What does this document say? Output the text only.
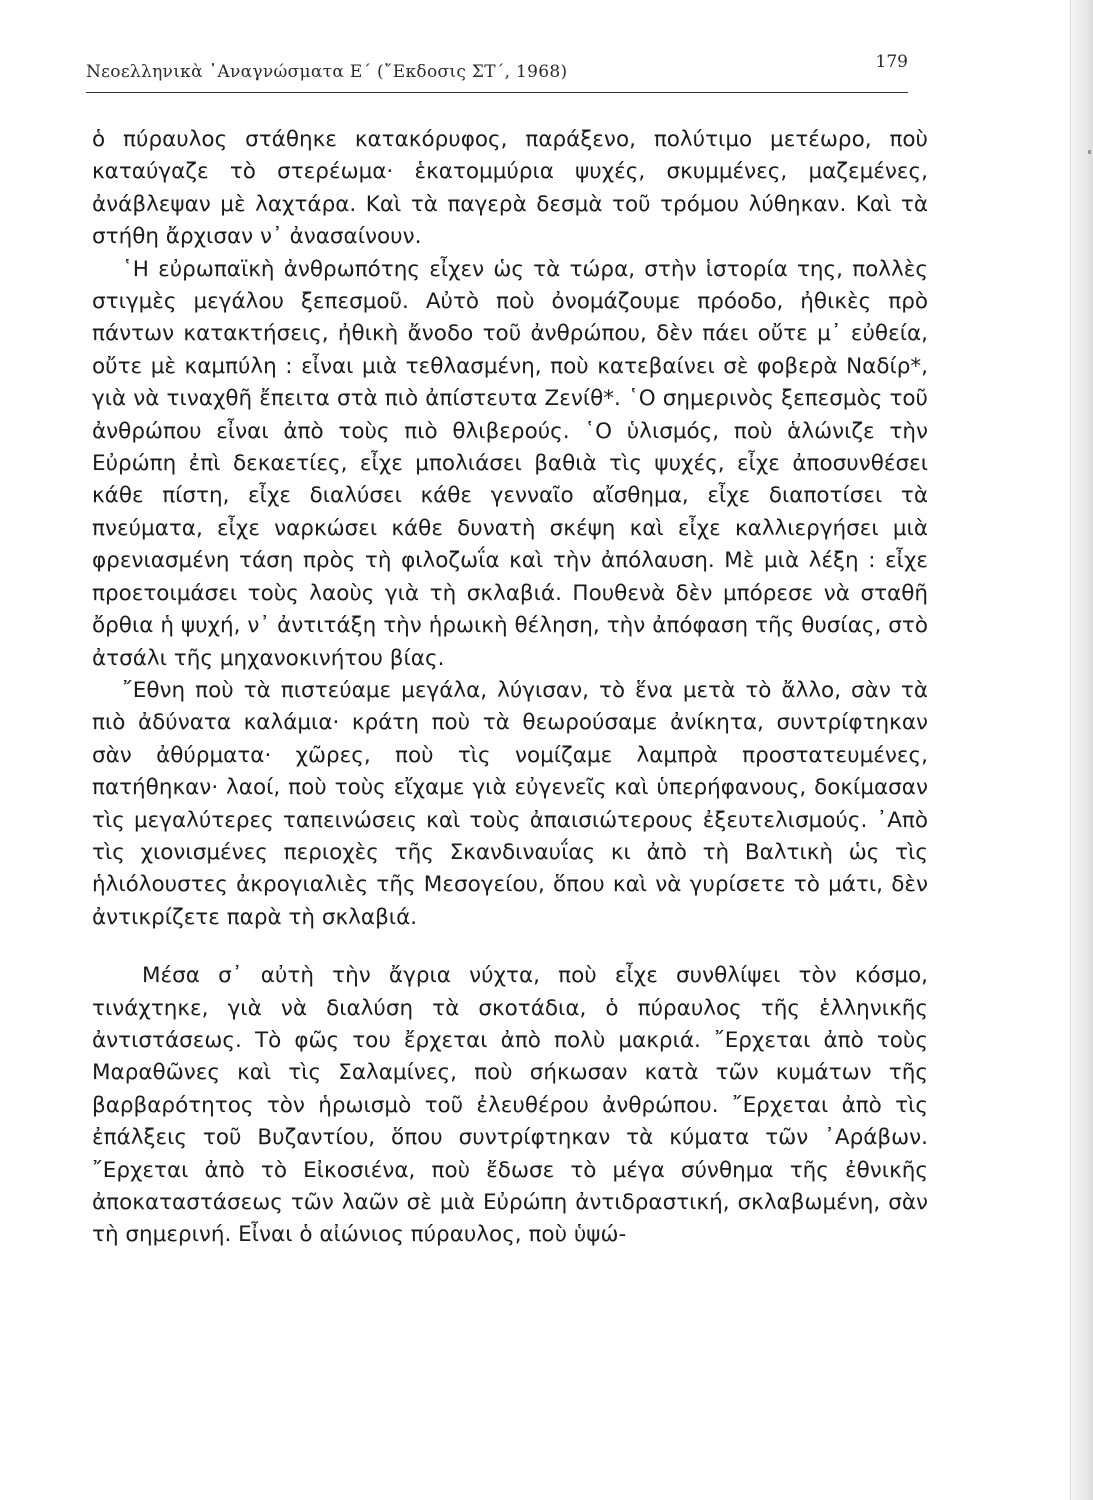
Νεοελληνικὰ ᾿Αναγνώσματα Ε΄ (῎Εκδοσις ΣΤ΄, 1968)	179

ὁ πύραυλος στάθηκε κατακόρυφος, παράξενο, πολύτιμο μετέωρο, ποὺ καταύγαζε τὸ στερέωμα· ἑκατομμύρια ψυχές, σκυμμένες, μαζεμένες, ἀνάβλεψαν μὲ λαχτάρα. Καὶ τὰ παγερὰ δεσμὰ τοῦ τρόμου λύθηκαν. Καὶ τὰ στήθη ἄρχισαν ν᾿ ἀνασαίνουν.

῾Η εὐρωπαϊκὴ ἀνθρωπότης εἶχεν ὡς τὰ τώρα, στὴν ἱστορία της, πολλὲς στιγμὲς μεγάλου ξεπεσμοῦ. Αὐτὸ ποὺ ὀνομάζουμε πρόοδο, ἠθικὲς πρὸ πάντων κατακτήσεις, ἠθικὴ ἄνοδο τοῦ ἀνθρώπου, δὲν πάει οὔτε μ᾿ εὐθεία, οὔτε μὲ καμπύλη : εἶναι μιὰ τεθλασμένη, ποὺ κατεβαίνει σὲ φοβερὰ Ναδίρ*, γιὰ νὰ τιναχθῆ ἔπειτα στὰ πιὸ ἀπίστευτα Ζενίθ*. ῾Ο σημερινὸς ξεπεσμὸς τοῦ ἀνθρώπου εἶναι ἀπὸ τοὺς πιὸ θλιβερούς. ῾Ο ὑλισμός, ποὺ ἁλώνιζε τὴν Εὐρώπη ἐπὶ δεκαετίες, εἶχε μπολιάσει βαθιὰ τὶς ψυχές, εἶχε ἀποσυνθέσει κάθε πίστη, εἶχε διαλύσει κάθε γενναῖο αἴσθημα, εἶχε διαποτίσει τὰ πνεύματα, εἶχε ναρκώσει κάθε δυνατὴ σκέψη καὶ εἶχε καλλιεργήσει μιὰ φρενιασμένη τάση πρὸς τὴ φιλοζωΐα καὶ τὴν ἀπόλαυση. Μὲ μιὰ λέξη : εἶχε προετοιμάσει τοὺς λαοὺς γιὰ τὴ σκλαβιά. Πουθενὰ δὲν μπόρεσε νὰ σταθῆ ὄρθια ἡ ψυχή, ν᾿ ἀντιτάξη τὴν ἡρωικὴ θέληση, τὴν ἀπόφαση τῆς θυσίας, στὸ ἀτσάλι τῆς μηχανοκινήτου βίας.

῎Εθνη ποὺ τὰ πιστεύαμε μεγάλα, λύγισαν, τὸ ἕνα μετὰ τὸ ἄλλο, σὰν τὰ πιὸ ἀδύνατα καλάμια· κράτη ποὺ τὰ θεωρούσαμε ἀνίκητα, συντρίφτηκαν σὰν ἀθύρματα· χῶρες, ποὺ τὶς νομίζαμε λαμπρὰ προστατευμένες, πατήθηκαν· λαοί, ποὺ τοὺς εἴχαμε γιὰ εὐγενεῖς καὶ ὑπερήφανους, δοκίμασαν τὶς μεγαλύτερες ταπεινώσεις καὶ τοὺς ἀπαισιώτερους ἐξευτελισμούς. ᾿Απὸ τὶς χιονισμένες περιοχὲς τῆς Σκανδιναυΐας κι ἀπὸ τὴ Βαλτικὴ ὡς τὶς ἡλιόλουστες ἀκρογιαλιὲς τῆς Μεσογείου, ὅπου καὶ νὰ γυρίσετε τὸ μάτι, δὲν ἀντικρίζετε παρὰ τὴ σκλαβιά.

Μέσα σ᾿ αὐτὴ τὴν ἄγρια νύχτα, ποὺ εἶχε συνθλίψει τὸν κόσμο, τινάχτηκε, γιὰ νὰ διαλύση τὰ σκοτάδια, ὁ πύραυλος τῆς ἑλληνικῆς ἀντιστάσεως. Τὸ φῶς του ἔρχεται ἀπὸ πολὺ μακριά. ῎Ερχεται ἀπὸ τοὺς Μαραθῶνες καὶ τὶς Σαλαμίνες, ποὺ σήκωσαν κατὰ τῶν κυμάτων τῆς βαρβαρότητος τὸν ἡρωισμὸ τοῦ ἐλευθέρου ἀνθρώπου. ῎Ερχεται ἀπὸ τὶς ἐπάλξεις τοῦ Βυζαντίου, ὅπου συντρίφτηκαν τὰ κύματα τῶν ᾿Αράβων. ῎Ερχεται ἀπὸ τὸ Εἰκοσιένα, ποὺ ἔδωσε τὸ μέγα σύνθημα τῆς ἐθνικῆς ἀποκαταστάσεως τῶν λαῶν σὲ μιὰ Εὐρώπη ἀντιδραστική, σκλαβωμένη, σὰν τὴ σημερινή. Εἶναι ὁ αἰώνιος πύραυλος, ποὺ ὑψώ-
